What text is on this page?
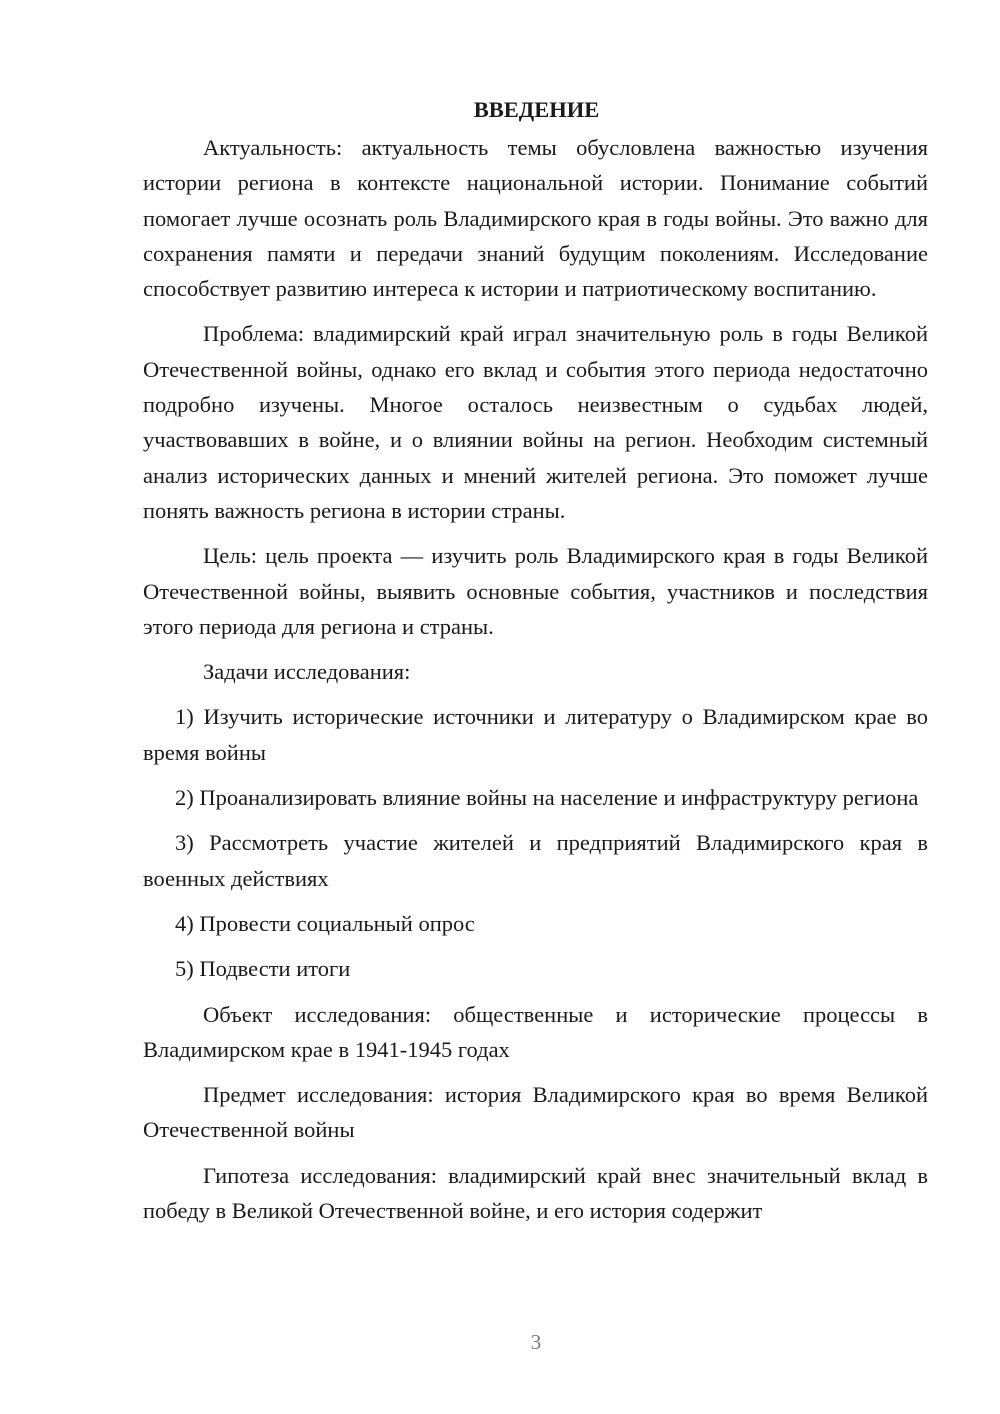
ВВЕДЕНИЕ

Актуальность: актуальность темы обусловлена важностью изучения истории региона в контексте национальной истории. Понимание событий помогает лучше осознать роль Владимирского края в годы войны. Это важно для сохранения памяти и передачи знаний будущим поколениям. Исследование способствует развитию интереса к истории и патриотическому воспитанию.

Проблема: владимирский край играл значительную роль в годы Великой Отечественной войны, однако его вклад и события этого периода недостаточно подробно изучены. Многое осталось неизвестным о судьбах людей, участвовавших в войне, и о влиянии войны на регион. Необходим системный анализ исторических данных и мнений жителей региона. Это поможет лучше понять важность региона в истории страны.

Цель: цель проекта — изучить роль Владимирского края в годы Великой Отечественной войны, выявить основные события, участников и последствия этого периода для региона и страны.

Задачи исследования:

1) Изучить исторические источники и литературу о Владимирском крае во время войны

2) Проанализировать влияние войны на население и инфраструктуру региона

3) Рассмотреть участие жителей и предприятий Владимирского края в военных действиях

4) Провести социальный опрос

5) Подвести итоги

Объект исследования: общественные и исторические процессы в Владимирском крае в 1941-1945 годах

Предмет исследования: история Владимирского края во время Великой Отечественной войны

Гипотеза исследования: владимирский край внес значительный вклад в победу в Великой Отечественной войне, и его история содержит

3
